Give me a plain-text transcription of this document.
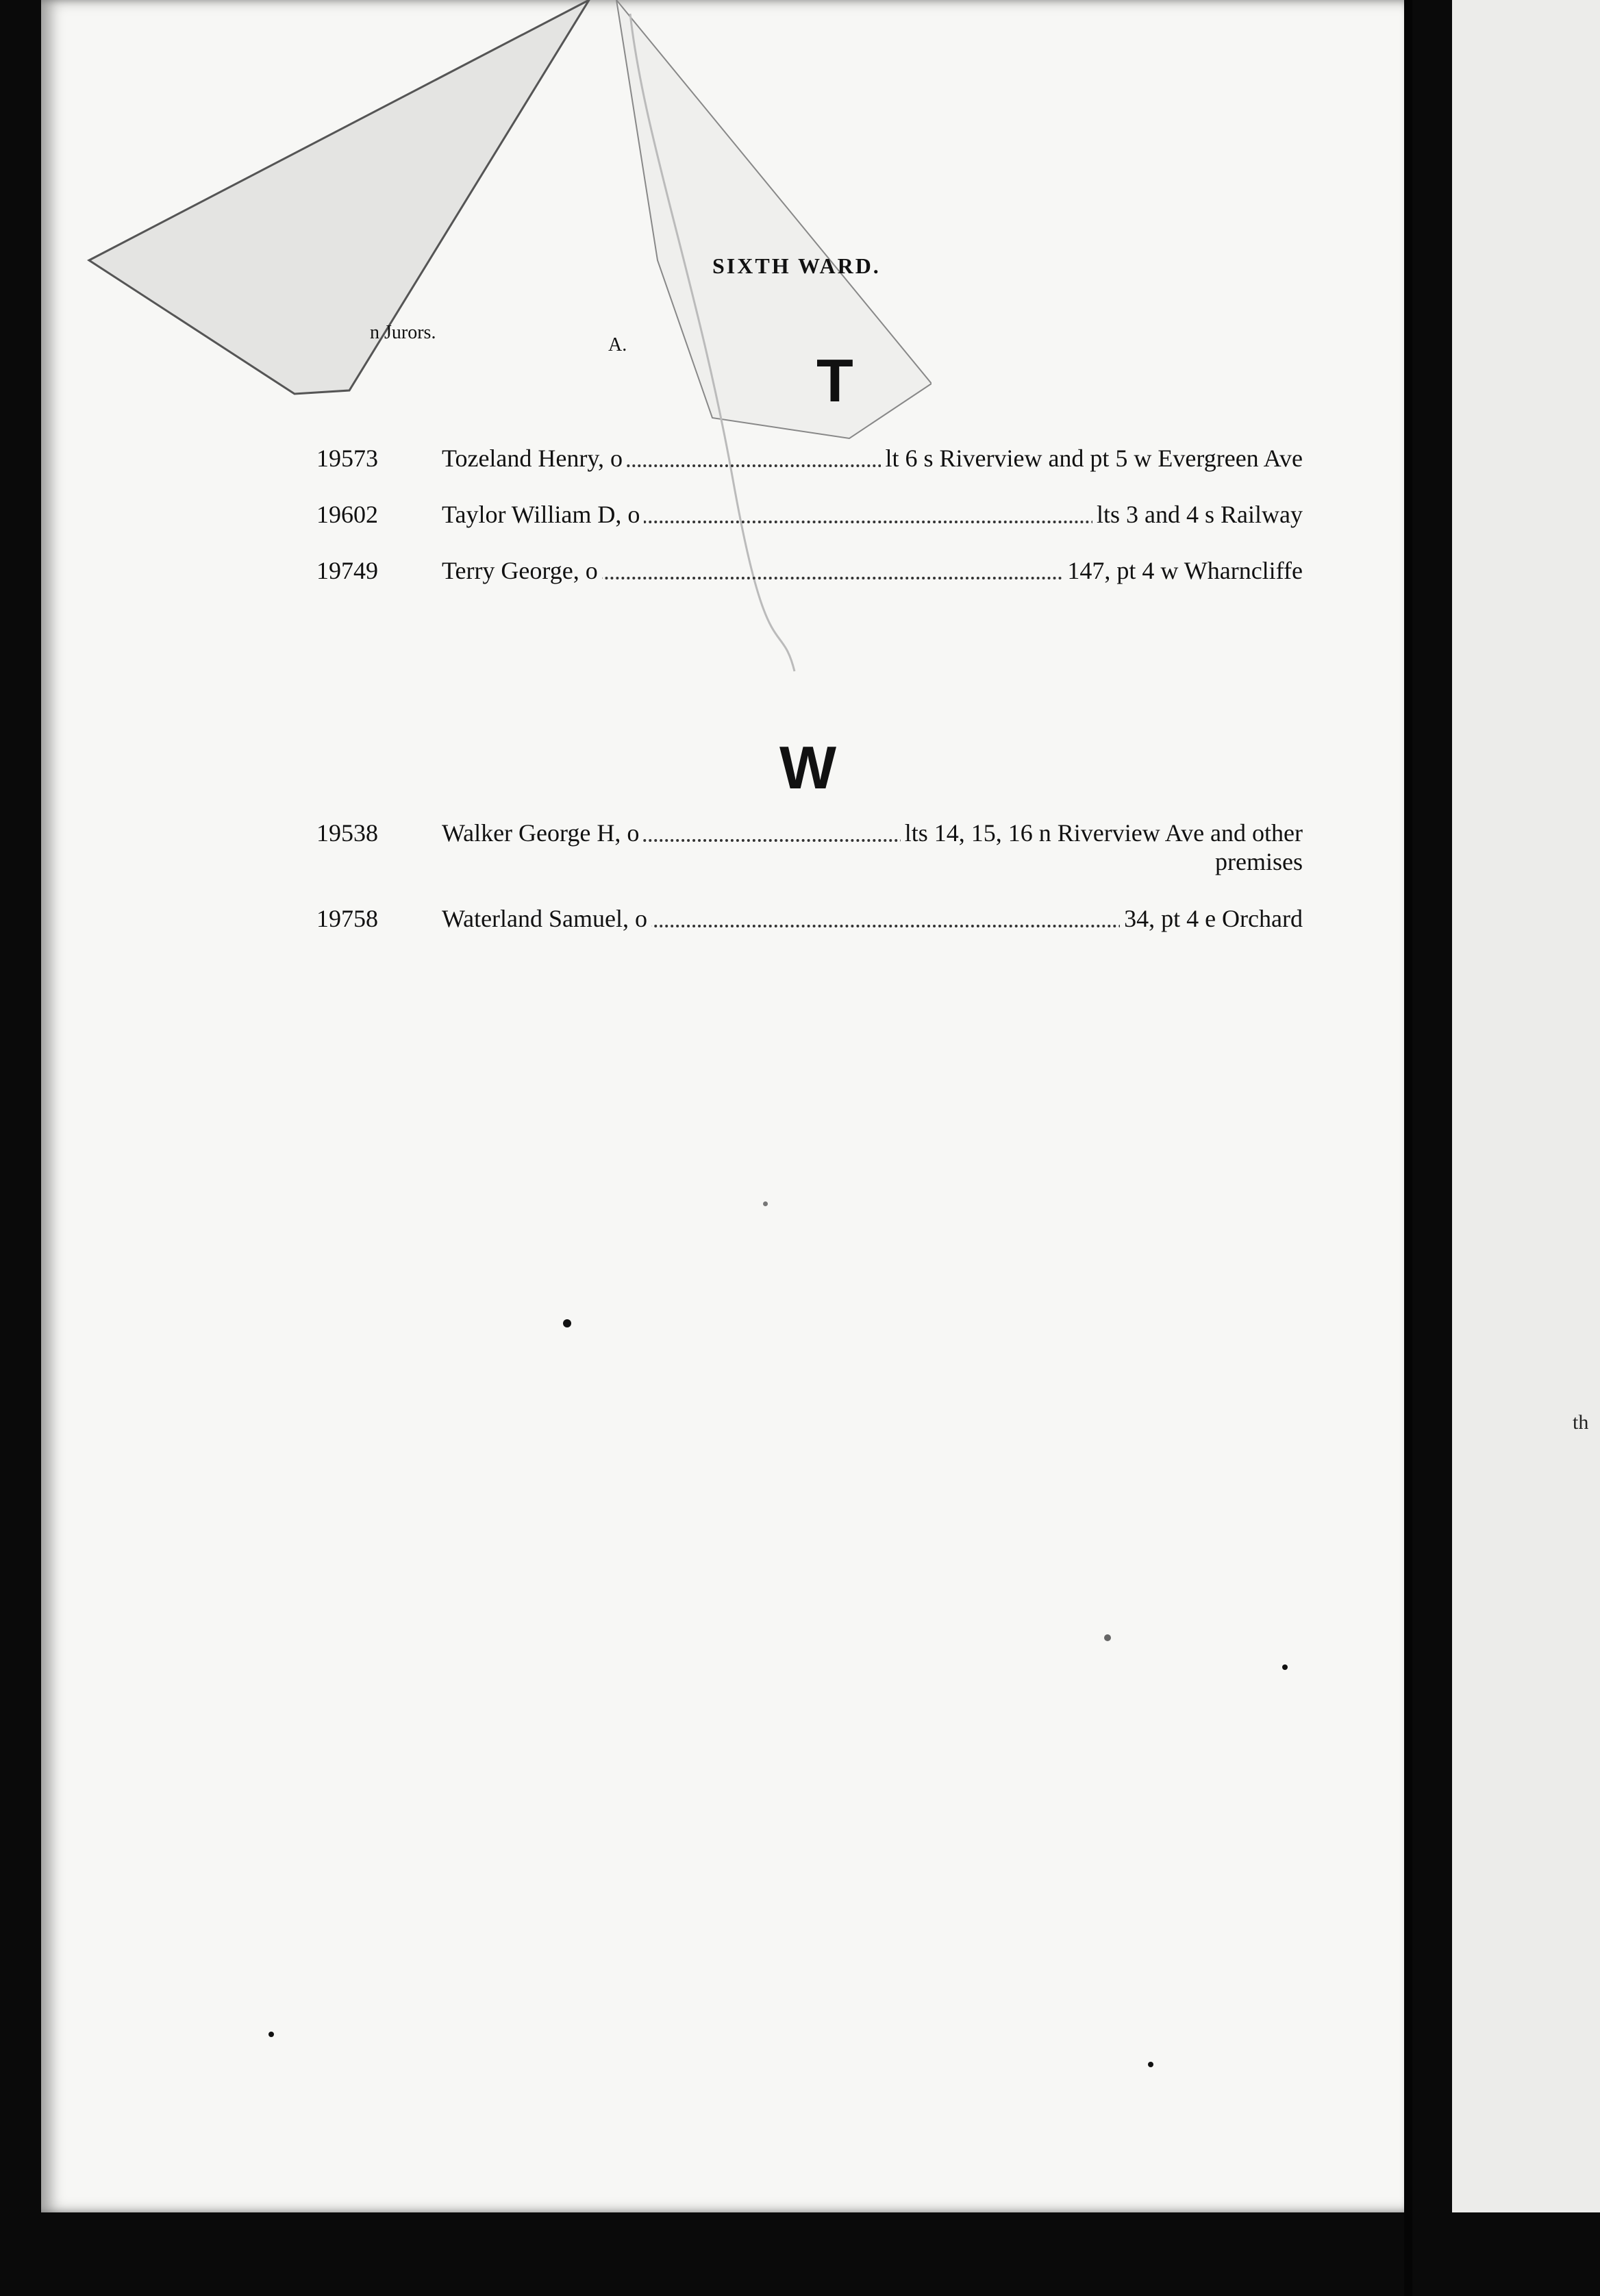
th
SIXTH WARD.
n Jurors.
A.
T
19573	Tozeland Henry, o	lt 6 s Riverview and pt 5 w Evergreen Ave
19602	Taylor William D, o	lts 3 and 4 s Railway
19749	Terry George, o	147, pt 4 w Wharncliffe
W
19538	Walker George H, o	lts 14, 15, 16 n Riverview Ave and other
premises
19758	Waterland Samuel, o	34, pt 4 e Orchard
